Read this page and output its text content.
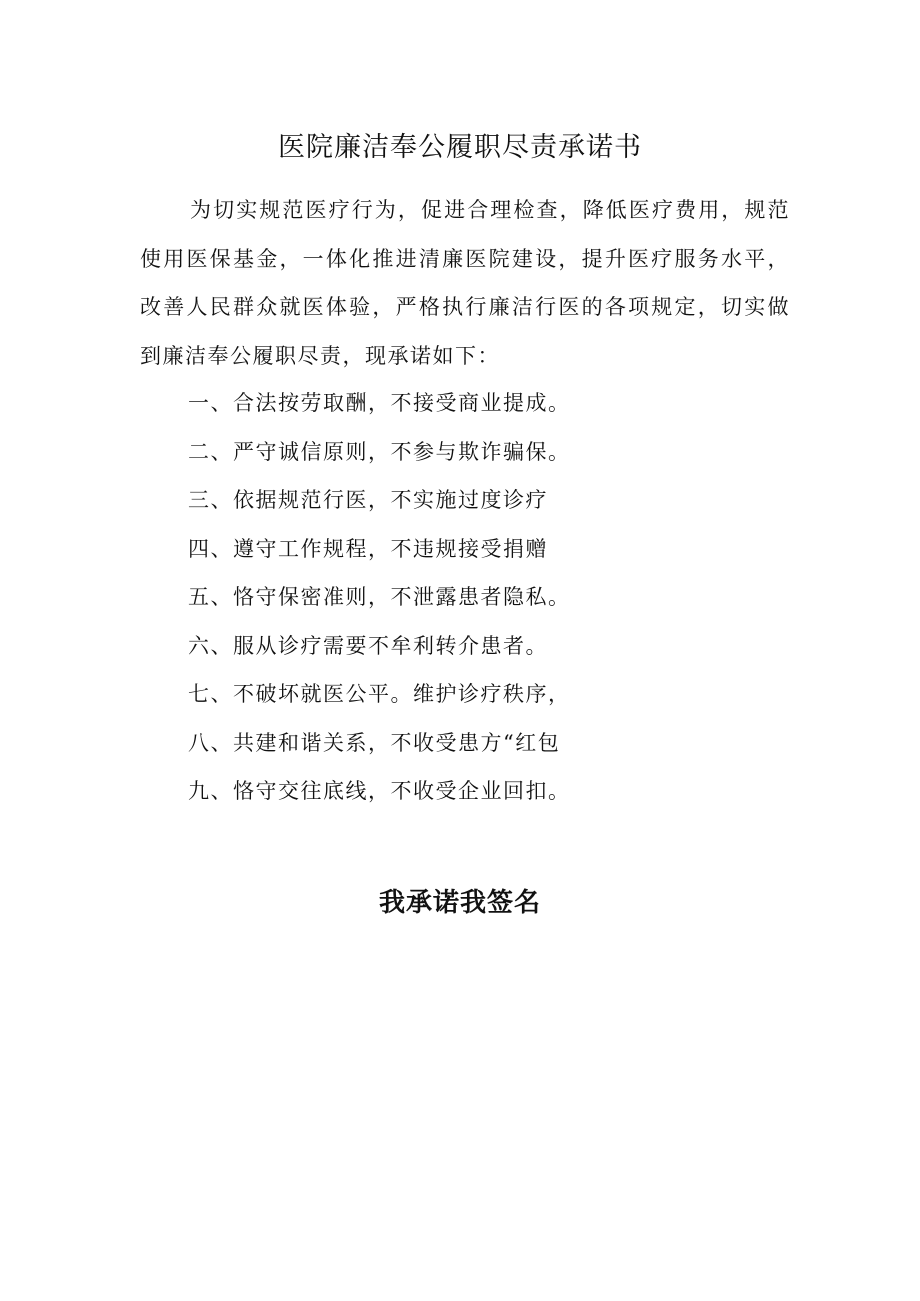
医院廉洁奉公履职尽责承诺书

为切实规范医疗行为，促进合理检查，降低医疗费用，规范使用医保基金，一体化推进清廉医院建设，提升医疗服务水平，改善人民群众就医体验，严格执行廉洁行医的各项规定，切实做到廉洁奉公履职尽责，现承诺如下：

一、合法按劳取酬，不接受商业提成。
二、严守诚信原则，不参与欺诈骗保。
三、依据规范行医，不实施过度诊疗
四、遵守工作规程，不违规接受捐赠
五、恪守保密准则，不泄露患者隐私。
六、服从诊疗需要不牟利转介患者。
七、不破坏就医公平。维护诊疗秩序，
八、共建和谐关系，不收受患方“红包
九、恪守交往底线，不收受企业回扣。
我承诺我签名
